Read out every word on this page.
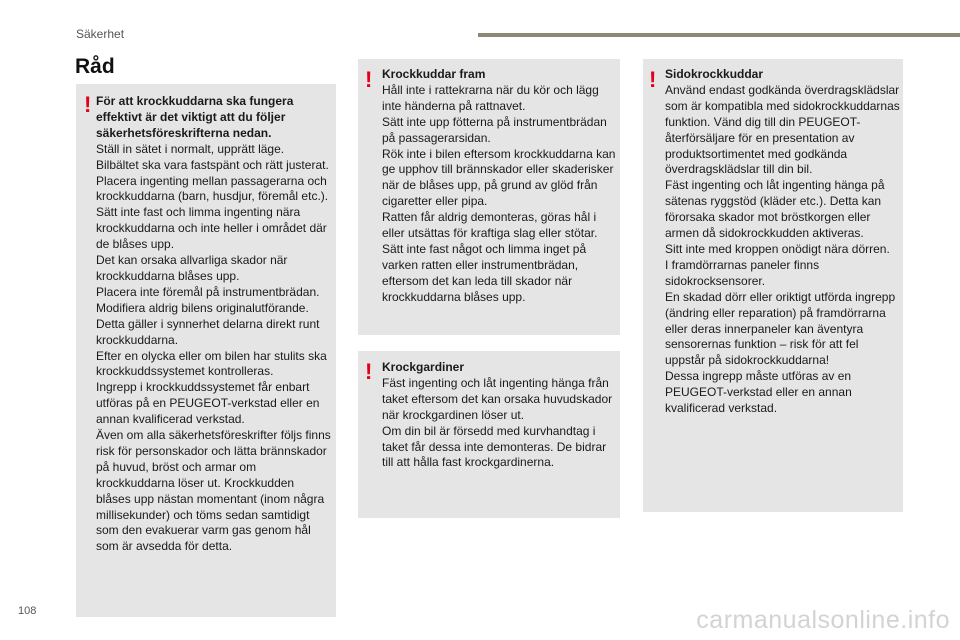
Säkerhet
Råd
! För att krockkuddarna ska fungera effektivt är det viktigt att du följer säkerhetsföreskrifterna nedan.

Ställ in sätet i normalt, upprätt läge.

Bilbältet ska vara fastspänt och rätt justerat.

Placera ingenting mellan passagerarna och krockkuddarna (barn, husdjur, föremål etc.). Sätt inte fast och limma ingenting nära krockkuddarna och inte heller i området där de blåses upp.

Det kan orsaka allvarliga skador när krockkuddarna blåses upp.

Placera inte föremål på instrumentbrädan.

Modifiera aldrig bilens originalutförande. Detta gäller i synnerhet delarna direkt runt krockkuddarna.

Efter en olycka eller om bilen har stulits ska krockkuddssystemet kontrolleras.

Ingrepp i krockkuddssystemet får enbart utföras på en PEUGEOT-verkstad eller en annan kvalificerad verkstad.

Även om alla säkerhetsföreskrifter följs finns risk för personskador och lätta brännskador på huvud, bröst och armar om krockkuddarna löser ut. Krockkudden blåses upp nästan momentant (inom några millisekunder) och töms sedan samtidigt som den evakuerar varm gas genom hål som är avsedda för detta.

! Krockkuddar fram

Håll inte i rattekrarna när du kör och lägg inte händerna på rattnavet.

Sätt inte upp fötterna på instrumentbrädan på passagerarsidan.

Rök inte i bilen eftersom krockkuddarna kan ge upphov till brännskador eller skaderisker när de blåses upp, på grund av glöd från cigaretter eller pipa.

Ratten får aldrig demonteras, göras hål i eller utsättas för kraftiga slag eller stötar.

Sätt inte fast något och limma inget på varken ratten eller instrumentbrädan, eftersom det kan leda till skador när krockkuddarna blåses upp.

! Krockgardiner

Fäst ingenting och låt ingenting hänga från taket eftersom det kan orsaka huvudskador när krockgardinen löser ut.

Om din bil är försedd med kurvhandtag i taket får dessa inte demonteras. De bidrar till att hålla fast krockgardinerna.

! Sidokrockkuddar

Använd endast godkända överdragsklädslar som är kompatibla med sidokrockkuddarnas funktion. Vänd dig till din PEUGEOT-återförsäljare för en presentation av produktsortimentet med godkända överdragsklädslar till din bil.

Fäst ingenting och låt ingenting hänga på sätenas ryggstöd (kläder etc.). Detta kan förorsaka skador mot bröstkorgen eller armen då sidokrockkudden aktiveras.

Sitt inte med kroppen onödigt nära dörren.

I framdörrarnas paneler finns sidokrocksensorer.

En skadad dörr eller oriktigt utförda ingrepp (ändring eller reparation) på framdörrarna eller deras innerpaneler kan äventyra sensorernas funktion – risk för att fel uppstår på sidokrockkuddarna!

Dessa ingrepp måste utföras av en PEUGEOT-verkstad eller en annan kvalificerad verkstad.

108	carmanualsonline.info
